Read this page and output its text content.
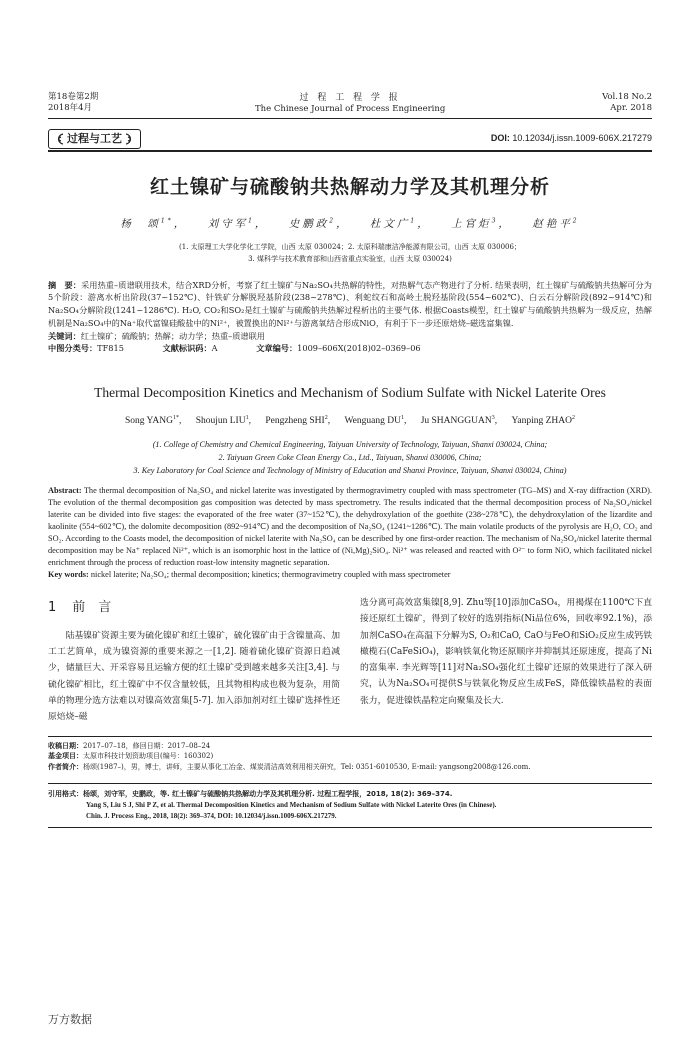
第18卷第2期
2018年4月
过 程 工 程 学 报
The Chinese Journal of Process Engineering
Vol.18 No.2
Apr. 2018
过程与工艺	DOI: 10.12034/j.issn.1009-606X.217279
红土镍矿与硫酸钠共热解动力学及其机理分析
杨　颂$^{1*}$， 刘守军$^1$， 史鹏政$^2$， 杜文广$^1$， 上官炬$^3$， 赵艳平$^2$
(1. 太原理工大学化学化工学院，山西 太原 030024；2. 太原科瑞康洁净能源有限公司，山西 太原 030006；
3. 煤科学与技术教育部和山西省重点实验室，山西 太原 030024)
摘　要：采用热重–质谱联用技术，结合XRD分析，考察了红土镍矿与Na₂SO₄共热解的特性，对热解气态产物进行了分析. 结果表明，红土镍矿与硫酸钠共热解可分为5个阶段：游离水析出阶段(37~152℃)、针铁矿分解脱羟基阶段(238~278℃)、利蛇纹石和高岭土脱羟基阶段(554~602℃)、白云石分解阶段(892~914℃)和Na₂SO₄分解阶段(1241~1286℃). H₂O, CO₂和SO₂是红土镍矿与硫酸钠共热解过程析出的主要气体. 根据Coasts模型，红土镍矿与硫酸钠共热解为一级反应，热解机制是Na₂SO₄中的Na⁺取代富镍硅酸盐中的Ni²⁺，被置换出的Ni²⁺与游离氧结合形成NiO，有利于下一步还原焙烧–磁选富集镍.
关键词：红土镍矿；硫酸钠；热解；动力学；热重–质谱联用
中图分类号：TF815	文献标识码：A	文章编号：1009–606X(2018)02–0369–06
Thermal Decomposition Kinetics and Mechanism of Sodium Sulfate with Nickel Laterite Ores
Song $YANG^{1*}$, Shoujun LIU$^1$, Pengzheng SHI$^2$, Wenguang $DU^1$, Ju SHANGGUAN$^3$, Yanping ZHAO$^2$
(1. College of Chemistry and Chemical Engineering, Taiyuan University of Technology, Taiyuan, Shanxi 030024, China;
2. Taiyuan Green Coke Clean Energy Co., Ltd., Taiyuan, Shanxi 030006, China;
3. Key Laboratory for Coal Science and Technology of Ministry of Education and Shanxi Province, Taiyuan, Shanxi 030024, China)
Abstract: The thermal decomposition of Na₂SO₄ and nickel laterite was investigated by thermogravimetry coupled with mass spectrometer (TG–MS) and X-ray diffraction (XRD). The evolution of the thermal decomposition gas composition was detected by mass spectrometry. The results indicated that the thermal decomposition process of Na₂SO₄/nickel laterite can be divided into five stages: the evaporated of the free water (37~152℃), the dehydroxylation of the goethite (238~278℃), the dehydroxylation of the lizardite and kaolinite (554~602℃), the dolomite decomposition (892~914℃) and the decomposition of Na₂SO₄ (1241~1286℃). The main volatile products of the pyrolysis are H₂O, CO₂ and SO₂. According to the Coasts model, the decomposition of nickel laterite with Na₂SO₄ can be described by one first-order reaction. The mechanism of Na₂SO₄/nickel laterite thermal decomposition may be Na⁺ replaced Ni²⁺, which is an isomorphic host in the lattice of (Ni,Mg)₂SiO₄. Ni²⁺ was released and reacted with O²⁻ to form NiO, which facilitated nickel enrichment through the process of reduction roast-low intensity magnetic separation.
Key words: nickel laterite; Na₂SO₄; thermal decomposition; kinetics; thermogravimetry coupled with mass spectrometer
1 前　言

陆基镍矿资源主要为硫化镍矿和红土镍矿，硫化镍矿由于含镍量高、加工工艺简单，成为镍资源的重要来源之一[1,2]. 随着硫化镍矿资源日趋减少，储量巨大、开采容易且运输方便的红土镍矿受到越来越多关注[3,4]. 与硫化镍矿相比，红土镍矿中不仅含量较低，且其物相构成也极为复杂，用简单的物理分选方法难以对镍高效富集[5-7]. 加入添加剂对红土镍矿选择性还原焙烧–磁

选分离可高效富集镍[8,9]. Zhu等[10]添加CaSO₄，用褐煤在1100℃下直接还原红土镍矿，得到了较好的选别指标(Ni品位6%，回收率92.1%)，添加剂CaSO₄在高温下分解为S, O₂和CaO, CaO与FeO和SiO₂反应生成钙铁橄榄石(CaFeSiO₄)，影响铁氧化物还原顺序并抑制其还原速度，提高了Ni的富集率. 李光辉等[11]对Na₂SO₄强化红土镍矿还原的效果进行了深入研究，认为Na₂SO₄可提供S与铁氧化物反应生成FeS，降低镍铁晶粒的表面张力，促进镍铁晶粒定向聚集及长大.

收稿日期：2017–07–18，修回日期：2017–08–24
基金项目：太原市科技计划资助项目(编号：160302)
作者简介：杨颂(1987–)，男，博士，讲师，主要从事化工冶金、煤炭清洁高效利用相关研究，Tel: 0351-6010530, E-mail: yangsong2008@126.com.
引用格式：杨颂，刘守军，史鹏政，等. 红土镍矿与硫酸钠共热解动力学及其机理分析. 过程工程学报，2018, 18(2): 369–374.
Yang S, Liu S J, Shi P Z, et al. Thermal Decomposition Kinetics and Mechanism of Sodium Sulfate with Nickel Laterite Ores (in Chinese).
Chin. J. Process Eng., 2018, 18(2): 369–374, DOI: 10.12034/j.issn.1009-606X.217279.
万方数据
